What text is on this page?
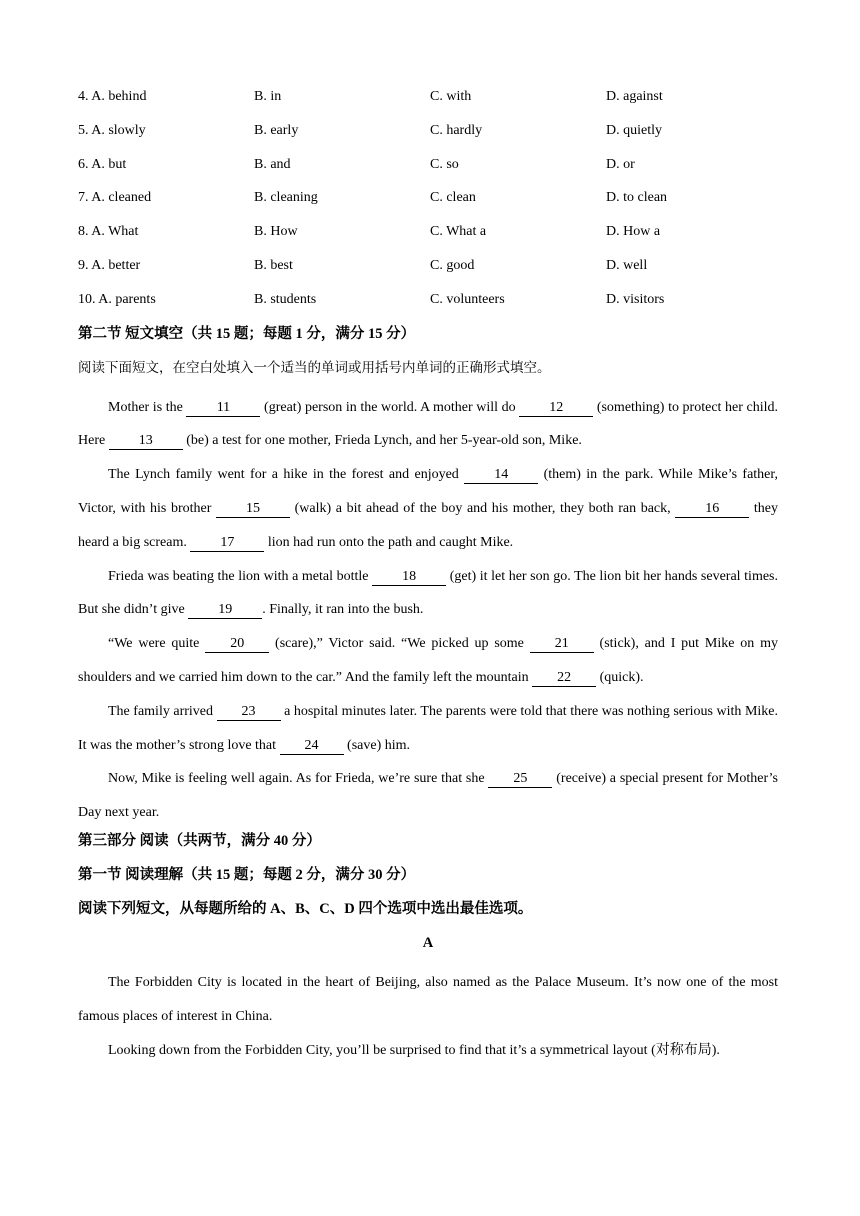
4. A. behind	B. in	C. with	D. against
5. A. slowly	B. early	C. hardly	D. quietly
6. A. but	B. and	C. so	D. or
7. A. cleaned	B. cleaning	C. clean	D. to clean
8. A. What	B. How	C. What a	D. How a
9. A. better	B. best	C. good	D. well
10. A. parents	B. students	C. volunteers	D. visitors
第二节 短文填空（共 15 题；每题 1 分，满分 15 分）
阅读下面短文，在空白处填入一个适当的单词或用括号内单词的正确形式填空。

Mother is the 11 (great) person in the world. A mother will do 12 (something) to protect her child. Here 13 (be) a test for one mother, Frieda Lynch, and her 5-year-old son, Mike.

The Lynch family went for a hike in the forest and enjoyed 14 (them) in the park. While Mike’s father, Victor, with his brother 15 (walk) a bit ahead of the boy and his mother, they both ran back, 16 they heard a big scream. 17 lion had run onto the path and caught Mike.

Frieda was beating the lion with a metal bottle 18 (get) it let her son go. The lion bit her hands several times. But she didn’t give 19 . Finally, it ran into the bush.

“We were quite 20 (scare),” Victor said. “We picked up some 21 (stick), and I put Mike on my shoulders and we carried him down to the car.” And the family left the mountain 22 (quick).

The family arrived 23 a hospital minutes later. The parents were told that there was nothing serious with Mike. It was the mother’s strong love that 24 (save) him.

Now, Mike is feeling well again. As for Frieda, we’re sure that she 25 (receive) a special present for Mother’s Day next year.

第三部分 阅读（共两节，满分 40 分）
第一节 阅读理解（共 15 题；每题 2 分，满分 30 分）
阅读下列短文，从每题所给的 A、B、C、D 四个选项中选出最佳选项。
A

The Forbidden City is located in the heart of Beijing, also named as the Palace Museum. It’s now one of the most famous places of interest in China.

Looking down from the Forbidden City, you’ll be surprised to find that it’s a symmetrical layout (对称布局).
